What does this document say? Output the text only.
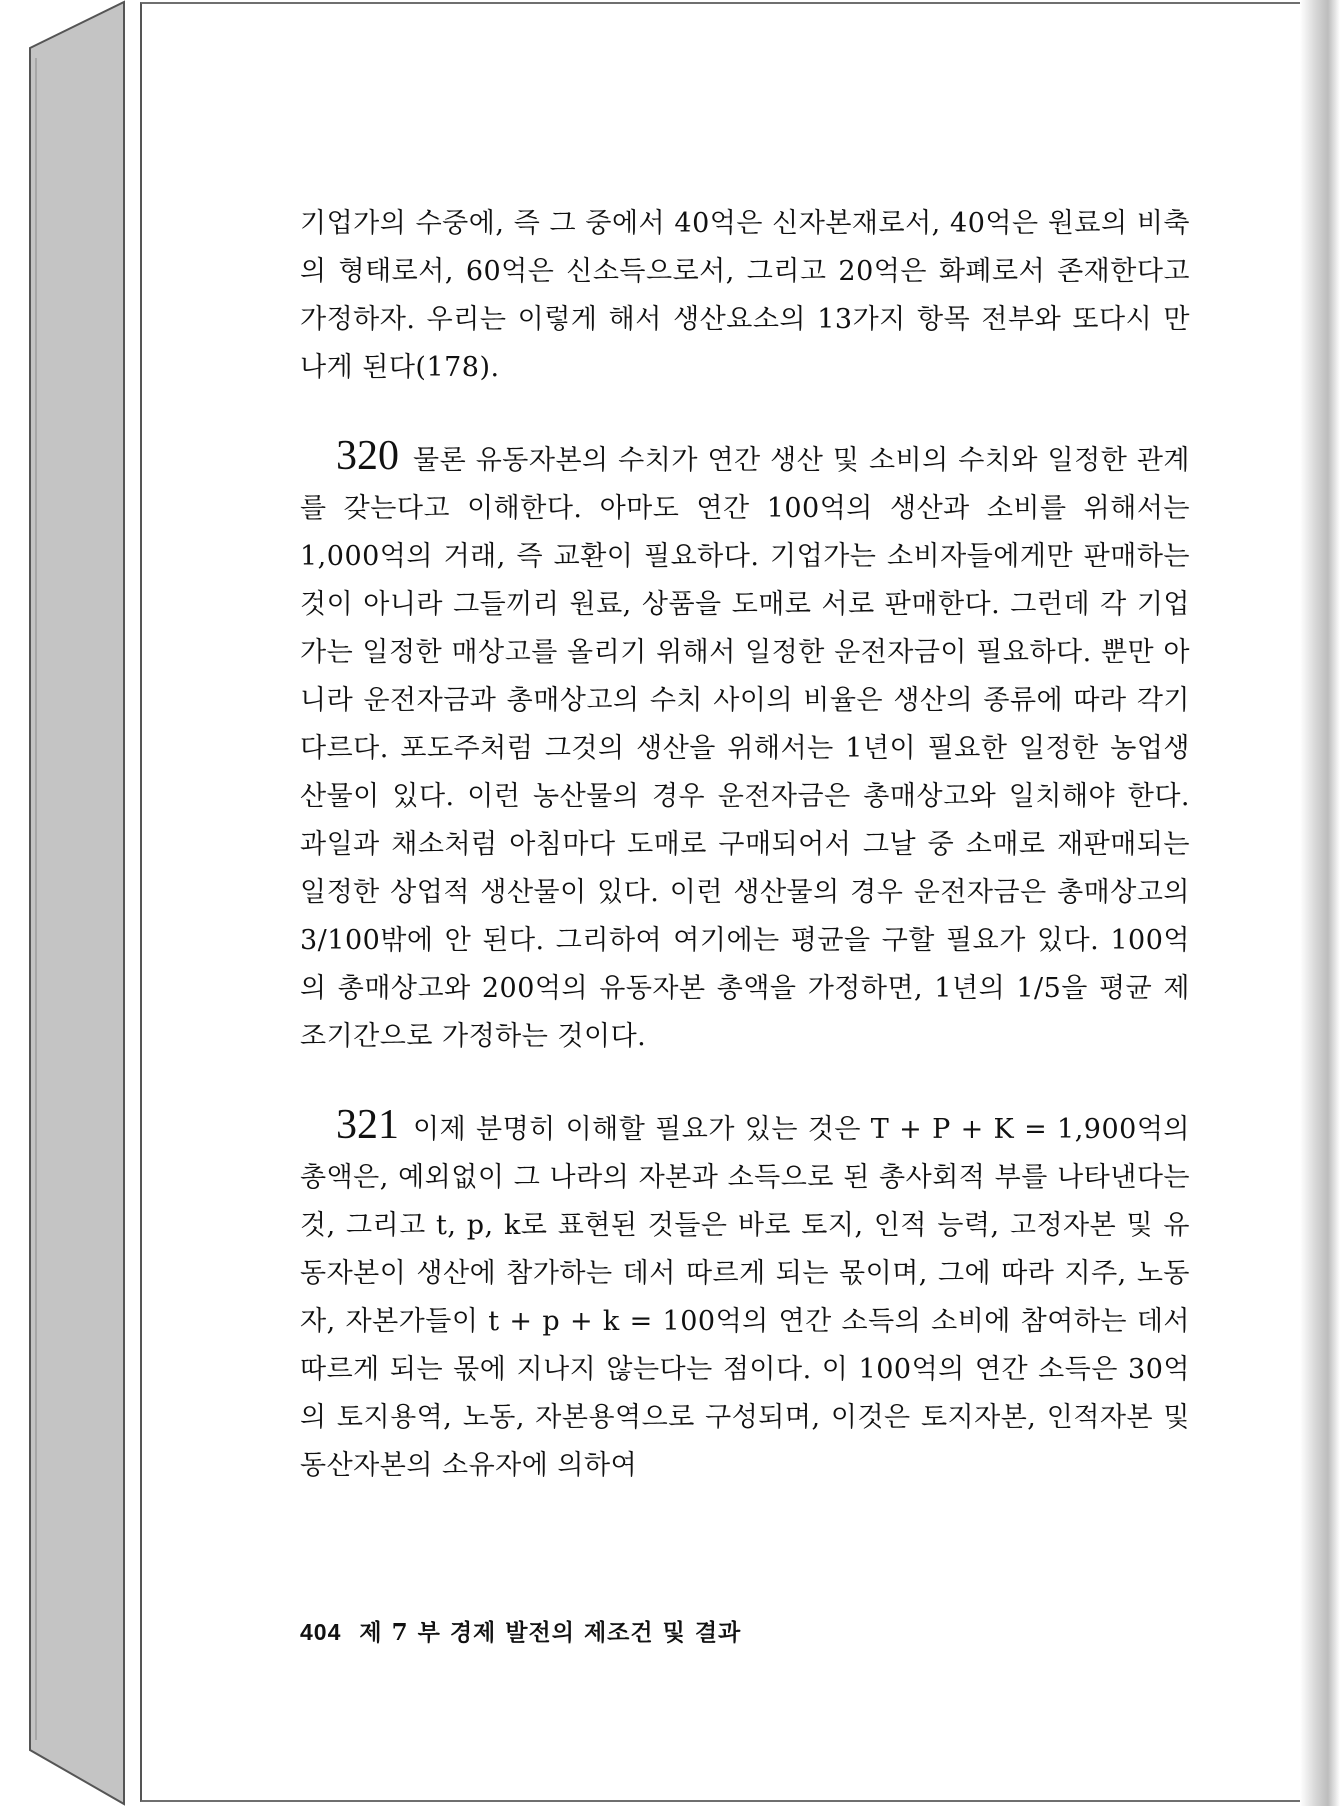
기업가의 수중에, 즉 그 중에서 40억은 신자본재로서, 40억은 원료의 비축의 형태로서, 60억은 신소득으로서, 그리고 20억은 화폐로서 존재한다고 가정하자. 우리는 이렇게 해서 생산요소의 13가지 항목 전부와 또다시 만나게 된다(178).

320 물론 유동자본의 수치가 연간 생산 및 소비의 수치와 일정한 관계를 갖는다고 이해한다. 아마도 연간 100억의 생산과 소비를 위해서는 1,000억의 거래, 즉 교환이 필요하다. 기업가는 소비자들에게만 판매하는 것이 아니라 그들끼리 원료, 상품을 도매로 서로 판매한다. 그런데 각 기업가는 일정한 매상고를 올리기 위해서 일정한 운전자금이 필요하다. 뿐만 아니라 운전자금과 총매상고의 수치 사이의 비율은 생산의 종류에 따라 각기 다르다. 포도주처럼 그것의 생산을 위해서는 1년이 필요한 일정한 농업생산물이 있다. 이런 농산물의 경우 운전자금은 총매상고와 일치해야 한다. 과일과 채소처럼 아침마다 도매로 구매되어서 그날 중 소매로 재판매되는 일정한 상업적 생산물이 있다. 이런 생산물의 경우 운전자금은 총매상고의 3/100밖에 안 된다. 그리하여 여기에는 평균을 구할 필요가 있다. 100억의 총매상고와 200억의 유동자본 총액을 가정하면, 1년의 1/5을 평균 제조기간으로 가정하는 것이다.

321 이제 분명히 이해할 필요가 있는 것은 T + P + K = 1,900억의 총액은, 예외없이 그 나라의 자본과 소득으로 된 총사회적 부를 나타낸다는 것, 그리고 t, p, k로 표현된 것들은 바로 토지, 인적 능력, 고정자본 및 유동자본이 생산에 참가하는 데서 따르게 되는 몫이며, 그에 따라 지주, 노동자, 자본가들이 t + p + k = 100억의 연간 소득의 소비에 참여하는 데서 따르게 되는 몫에 지나지 않는다는 점이다. 이 100억의 연간 소득은 30억의 토지용역, 노동, 자본용역으로 구성되며, 이것은 토지자본, 인적자본 및 동산자본의 소유자에 의하여

404 제 7 부 경제 발전의 제조건 및 결과
